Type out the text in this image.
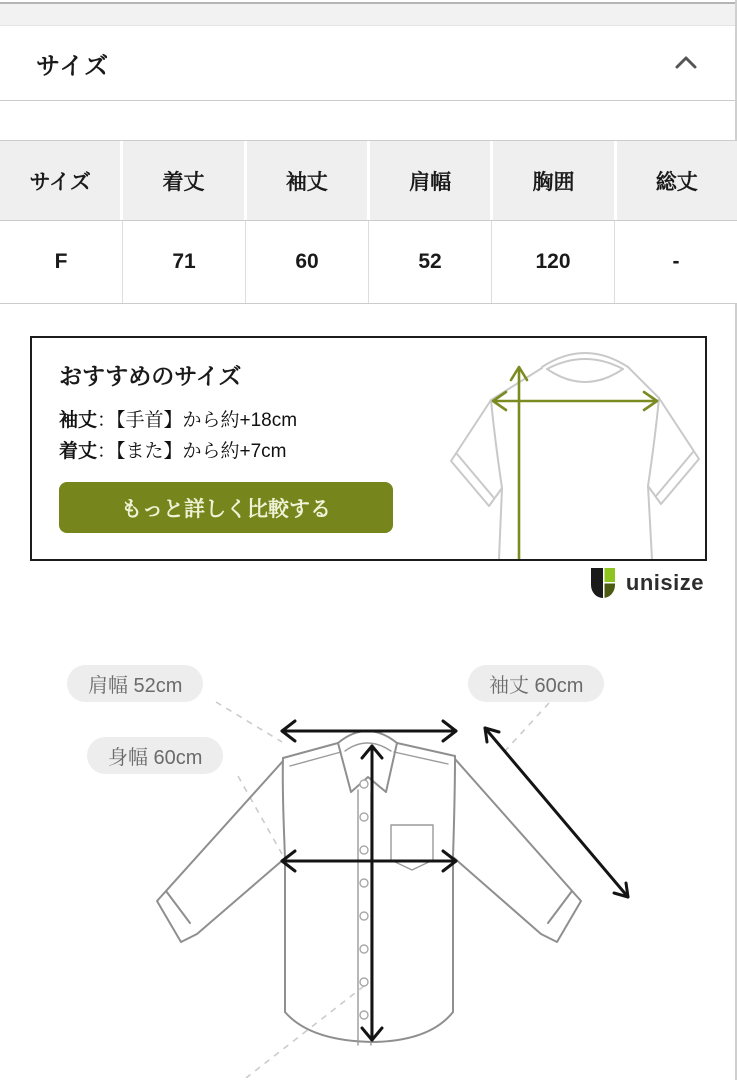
サイズ
サイズ	着丈	袖丈	肩幅	胸囲	総丈
F	71	60	52	120	-
おすすめのサイズ
袖丈：【手首】から約+18cm
着丈：【また】から約+7cm
もっと詳しく比較する
unisize
肩幅 52cm	袖丈 60cm
身幅 60cm
